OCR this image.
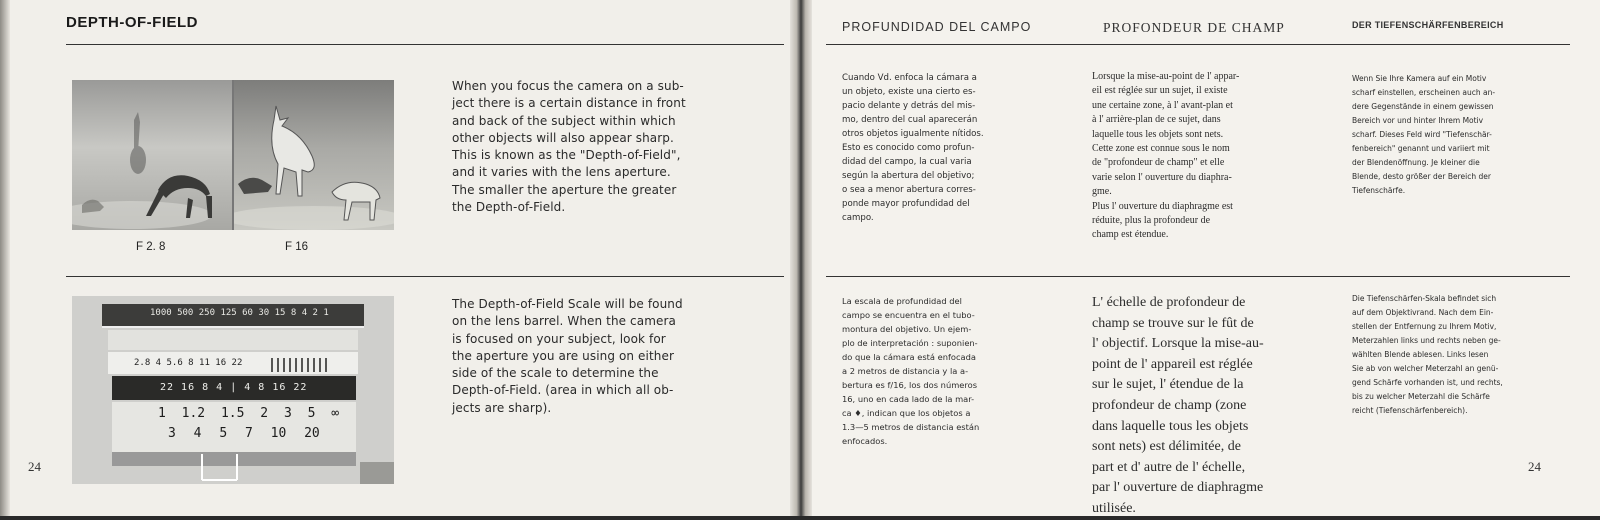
DEPTH-OF-FIELD
F 2. 8	F 16
When you focus the camera on a sub-
ject there is a certain distance in front
and back of the subject within which
other objects will also appear sharp.
This is known as the "Depth-of-Field",
and it varies with the lens aperture.
The smaller the aperture the greater
the Depth-of-Field.
1000 500 250 125 60 30 15 8 4 2 1
2.8 4 5.6 8 11 16 22
22 16 8 4 | 4 8 16 22
1 1.2 1.5 2 3 5 ∞
3 4 5 7 10 20
The Depth-of-Field Scale will be found
on the lens barrel. When the camera
is focused on your subject, look for
the aperture you are using on either
side of the scale to determine the
Depth-of-Field. (area in which all ob-
jects are sharp).
24
PROFUNDIDAD DEL CAMPO	PROFONDEUR DE CHAMP	DER TIEFENSCHÄRFENBEREICH
Cuando Vd. enfoca la cámara a
un objeto, existe una cierto es-
pacio delante y detrás del mis-
mo, dentro del cual aparecerán
otros objetos igualmente nítidos.
Esto es conocido como profun-
didad del campo, la cual varia
según la abertura del objetivo;
o sea a menor abertura corres-
ponde mayor profundidad del
campo.
Lorsque la mise-au-point de l' appar-
eil est réglée sur un sujet, il existe
une certaine zone, à l' avant-plan et
à l' arrière-plan de ce sujet, dans
laquelle tous les objets sont nets.
Cette zone est connue sous le nom
de "profondeur de champ" et elle
varie selon l' ouverture du diaphra-
gme.
Plus l' ouverture du diaphragme est
réduite, plus la profondeur de
champ est étendue.
Wenn Sie Ihre Kamera auf ein Motiv
scharf einstellen, erscheinen auch an-
dere Gegenstände in einem gewissen
Bereich vor und hinter Ihrem Motiv
scharf. Dieses Feld wird "Tiefenschär-
fenbereich" genannt und variiert mit
der Blendenöffnung. Je kleiner die
Blende, desto größer der Bereich der
Tiefenschärfe.
La escala de profundidad del
campo se encuentra en el tubo-
montura del objetivo. Un ejem-
plo de interpretación : suponien-
do que la cámara está enfocada
a 2 metros de distancia y la a-
bertura es f/16, los dos números
16, uno en cada lado de la mar-
ca ♦, indican que los objetos a
1.3—5 metros de distancia están
enfocados.
L' échelle de profondeur de
champ se trouve sur le fût de
l' objectif. Lorsque la mise-au-
point de l' appareil est réglée
sur le sujet, l' étendue de la
profondeur de champ (zone
dans laquelle tous les objets
sont nets) est délimitée, de
part et d' autre de l' échelle,
par l' ouverture de diaphragme
utilisée.
Die Tiefenschärfen-Skala befindet sich
auf dem Objektivrand. Nach dem Ein-
stellen der Entfernung zu Ihrem Motiv,
Meterzahlen links und rechts neben ge-
wählten Blende ablesen. Links lesen
Sie ab von welcher Meterzahl an genü-
gend Schärfe vorhanden ist, und rechts,
bis zu welcher Meterzahl die Schärfe
reicht (Tiefenschärfenbereich).
24
